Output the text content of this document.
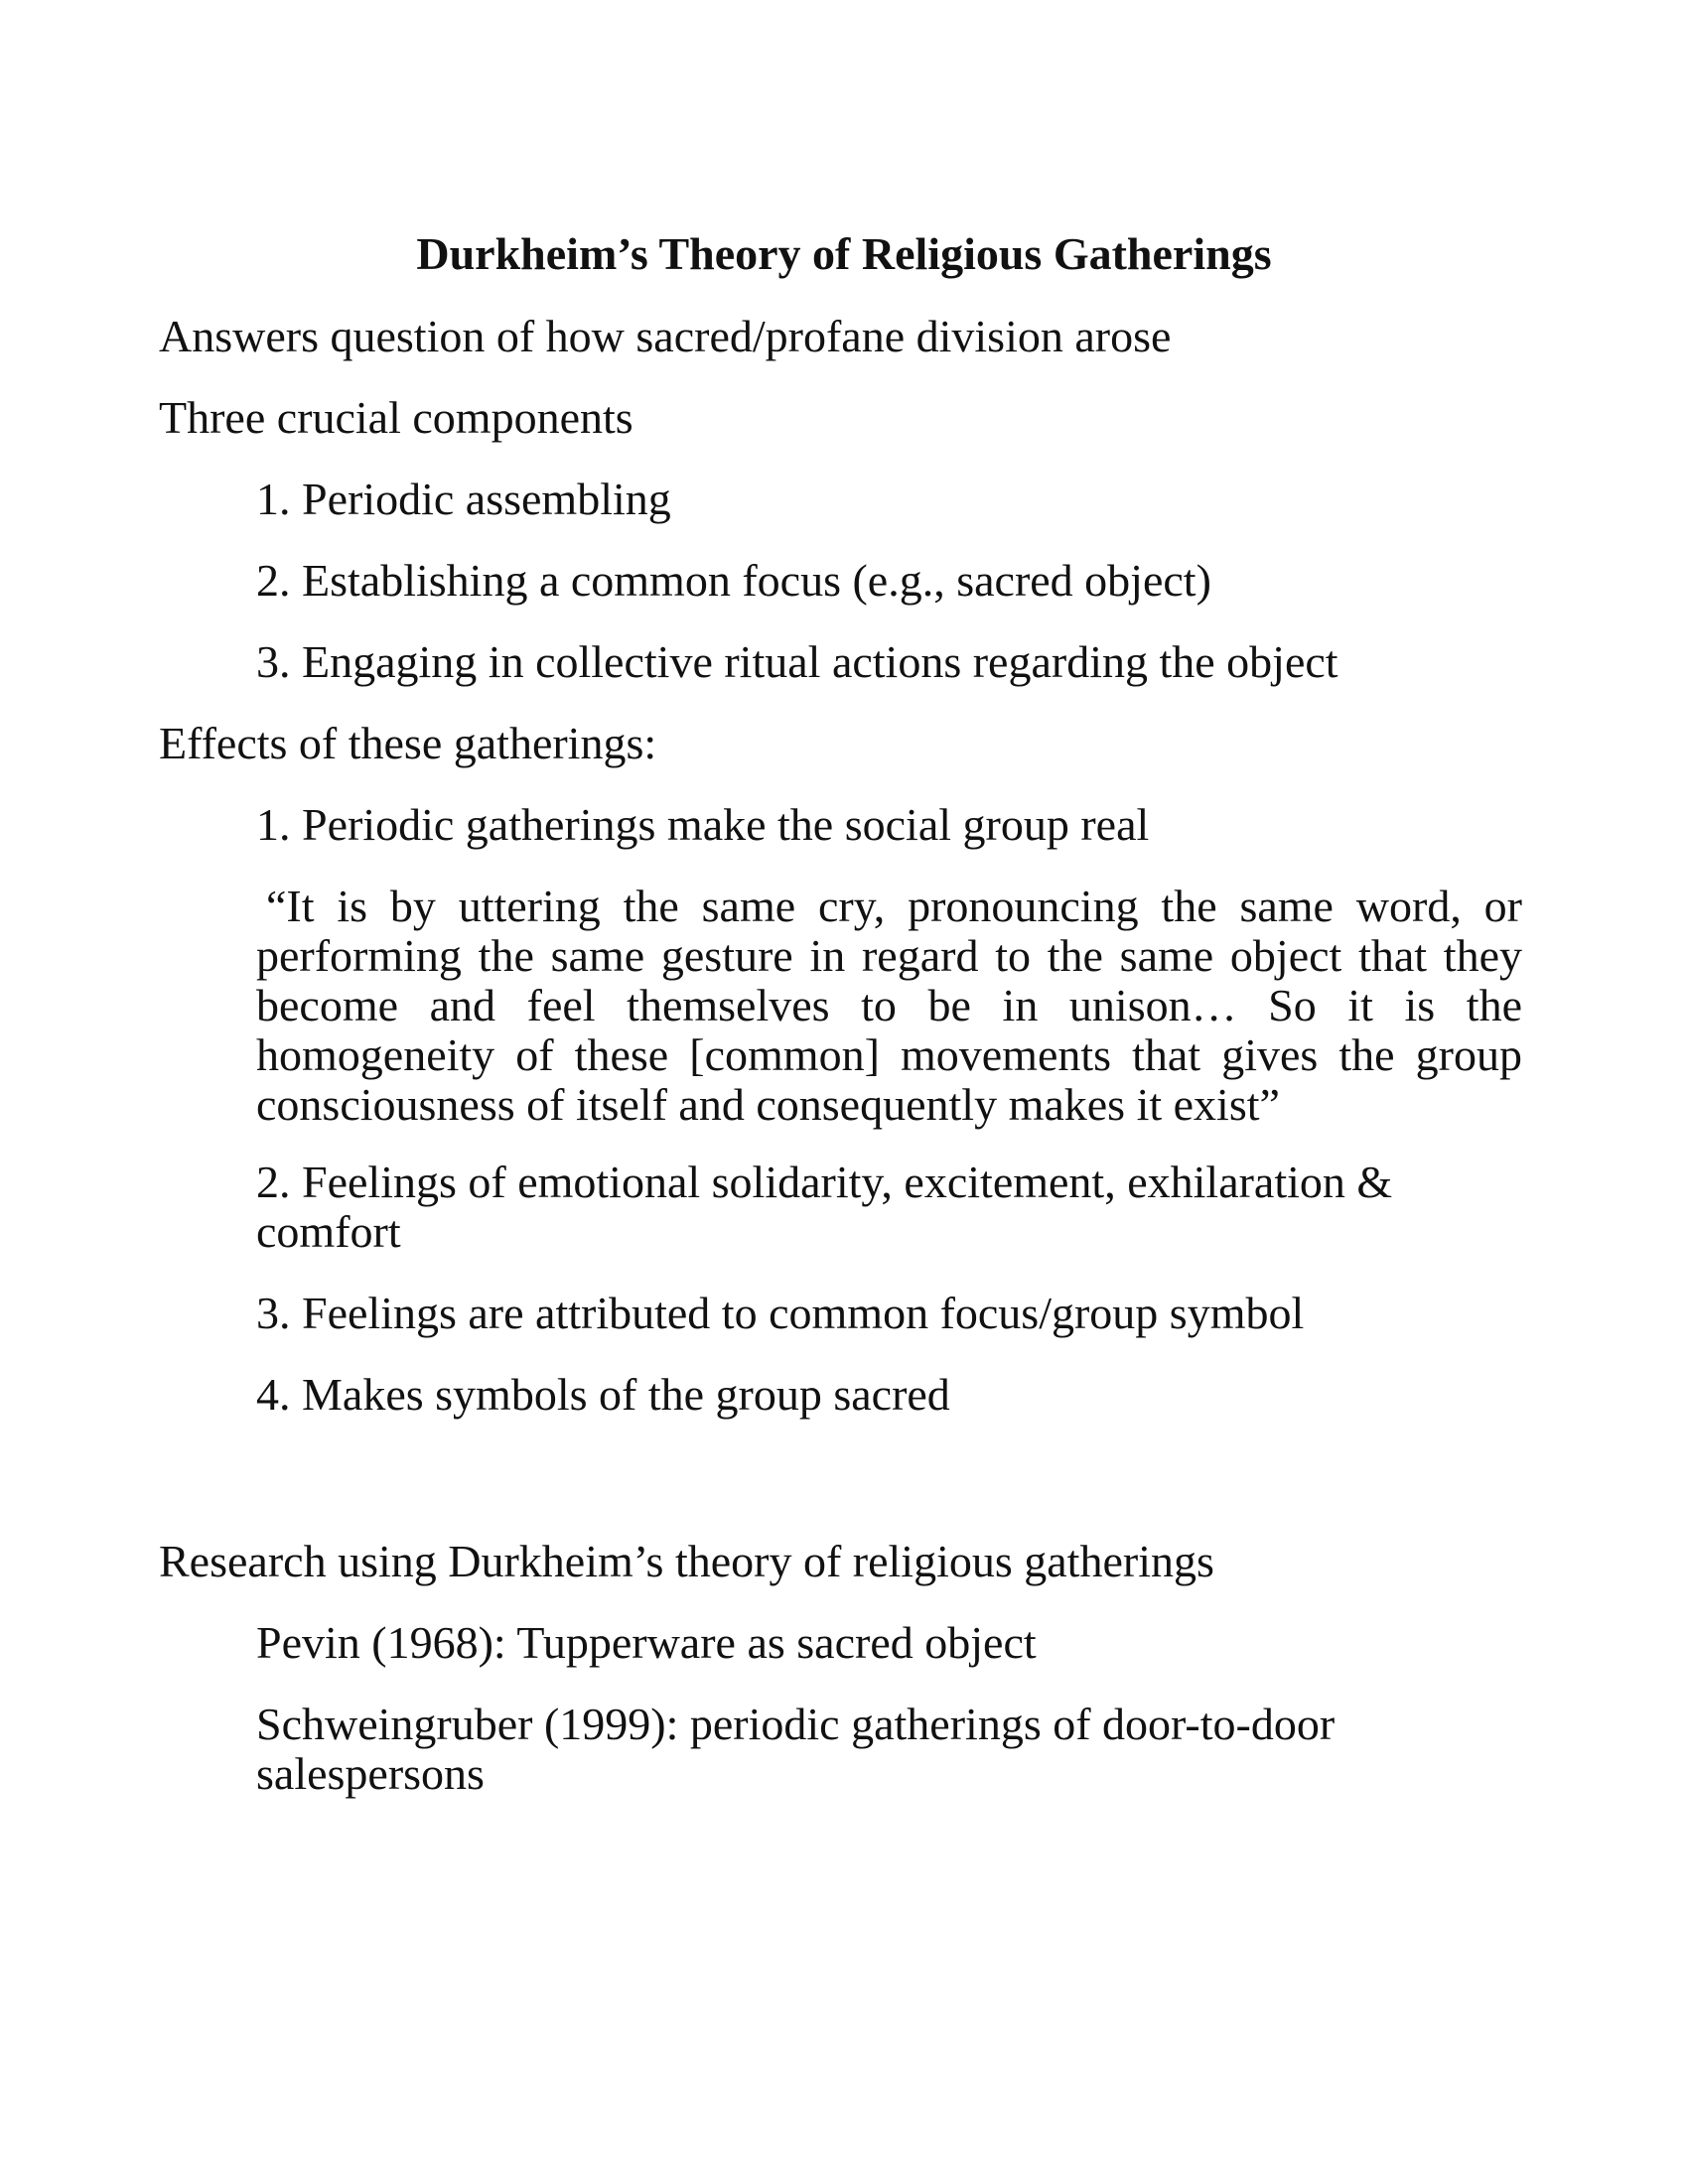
Durkheim’s Theory of Religious Gatherings

Answers question of how sacred/profane division arose

Three crucial components

1. Periodic assembling

2. Establishing a common focus (e.g., sacred object)

3. Engaging in collective ritual actions regarding the object

Effects of these gatherings:

1. Periodic gatherings make the social group real

“It is by uttering the same cry, pronouncing the same word, or performing the same gesture in regard to the same object that they become and feel themselves to be in unison… So it is the homogeneity of these [common] movements that gives the group consciousness of itself and consequently makes it exist”

2. Feelings of emotional solidarity, excitement, exhilaration & comfort

3. Feelings are attributed to common focus/group symbol

4. Makes symbols of the group sacred

Research using Durkheim’s theory of religious gatherings

Pevin (1968): Tupperware as sacred object

Schweingruber (1999): periodic gatherings of door-to-door salespersons
